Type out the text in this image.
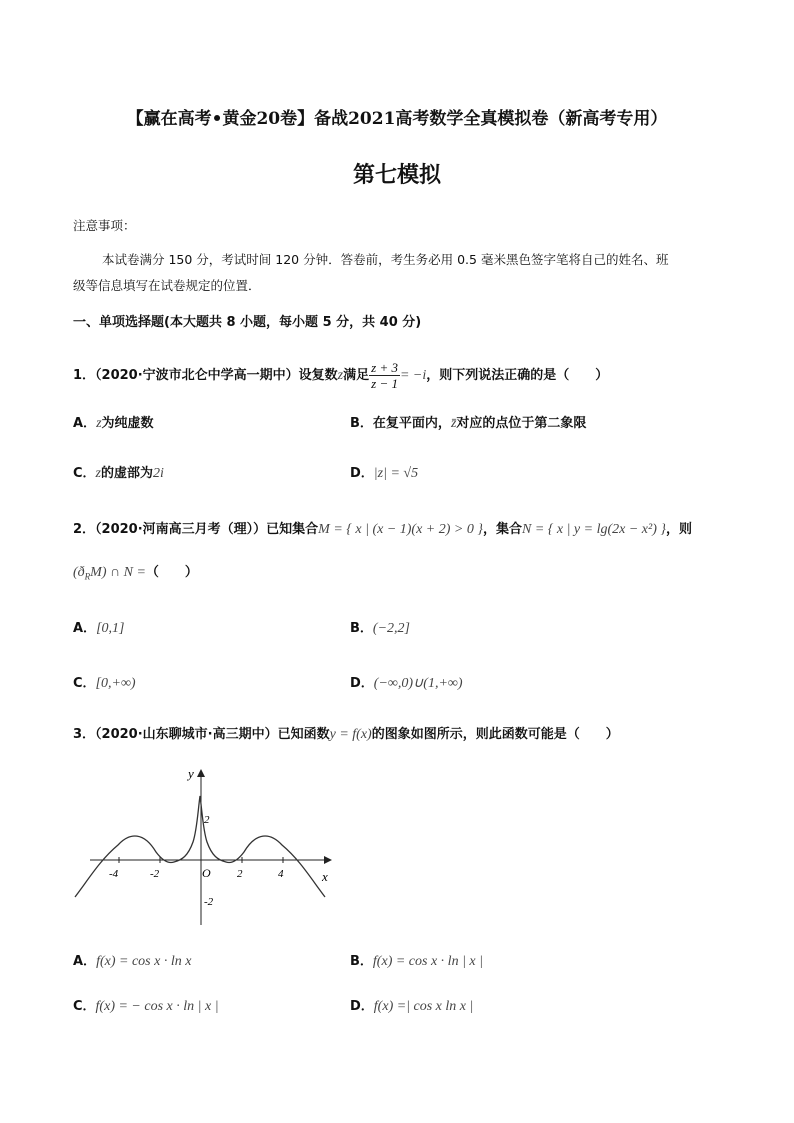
【赢在高考•黄金20卷】备战2021高考数学全真模拟卷（新高考专用）
第七模拟
注意事项：
本试卷满分 150 分，考试时间 120 分钟．答卷前，考生务必用 0.5 毫米黑色签字笔将自己的姓名、班
级等信息填写在试卷规定的位置．
一、单项选择题(本大题共 8 小题，每小题 5 分，共 40 分)
1．（2020·宁波市北仑中学高一期中）设复数z满足 $\frac{z + 3}{z - 1} = -i$，则下列说法正确的是（　　）
A．z为纯虚数	B．在复平面内，z̄对应的点位于第二象限
C．z的虚部为2i	D．|z| = √5
2．（2020·河南高三月考（理））已知集合M = { x | (x − 1)(x + 2) > 0 }，集合N = { x | y = lg(2x − x²) }，则
$(ð_RM)$ ∩ N =（　　）
A．[0,1]	B．(−2,2]
C．[0,+∞)	D．(−∞,0)∪(1,+∞)
3．（2020·山东聊城市·高三期中）已知函数y = f(x)的图象如图所示，则此函数可能是（　　）
y
x
O
-4	-2	2	4
2
-2
A．f(x) = cos x · ln x	B．f(x) = cos x · ln | x |
C．f(x) = − cos x · ln | x |	D．f(x) =| cos x ln x |
